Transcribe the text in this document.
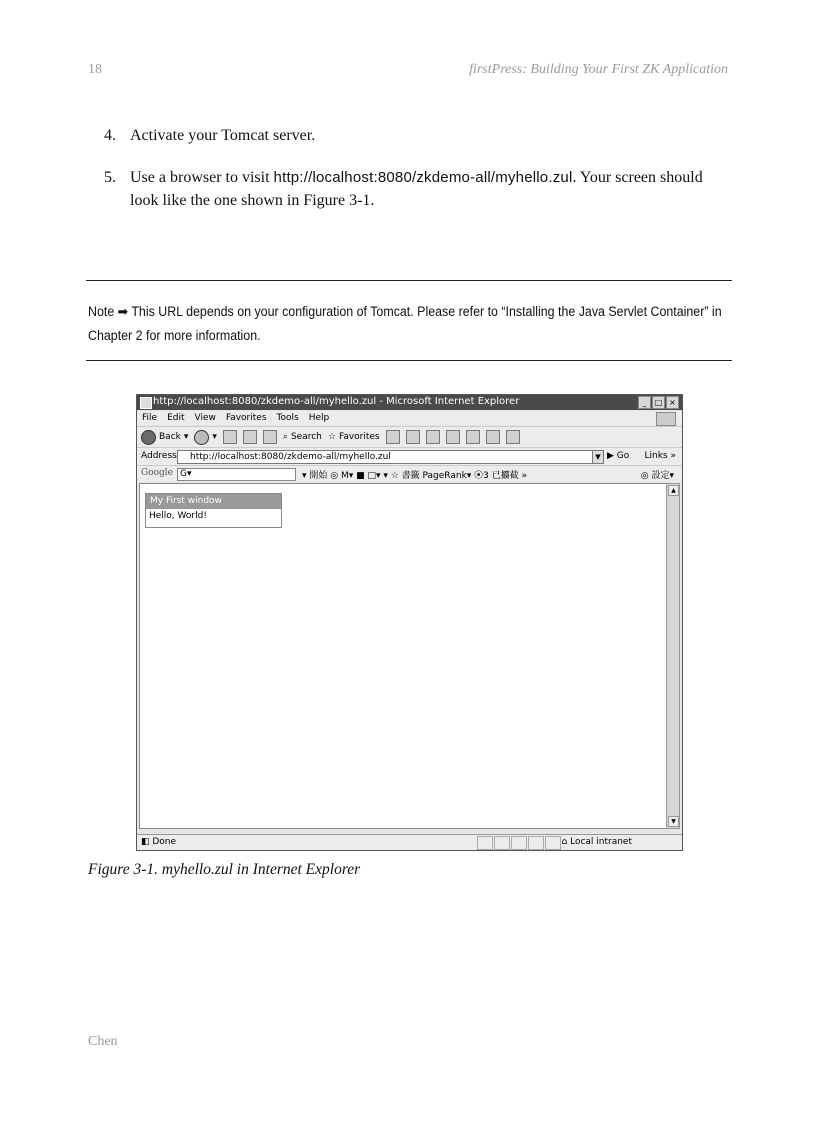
18	firstPress: Building Your First ZK Application
4. Activate your Tomcat server.
5. Use a browser to visit http://localhost:8080/zkdemo-all/myhello.zul. Your screen should look like the one shown in Figure 3-1.
Note ➡ This URL depends on your configuration of Tomcat. Please refer to “Installing the Java Servlet Container” in Chapter 2 for more information.
http://localhost:8080/zkdemo-all/myhello.zul - Microsoft Internet Explorer	_	□ ×
File Edit View Favorites Tools Help
Back ▾	▾	⌕ Search ☆ Favorites
Address	http://localhost:8080/zkdemo-all/myhello.zul	▼ ▶ Go Links »
Google G▾	▾ 開始 ◎ M▾ ■ □▾ ▾ ☆ 書籤 PageRank▾ ⦿3 已攟截 »	◎ 設定▾
My First window
Hello, World!
▲
▼
◧ Done	⌂ Local intranet
Figure 3-1. myhello.zul in Internet Explorer
Chen
